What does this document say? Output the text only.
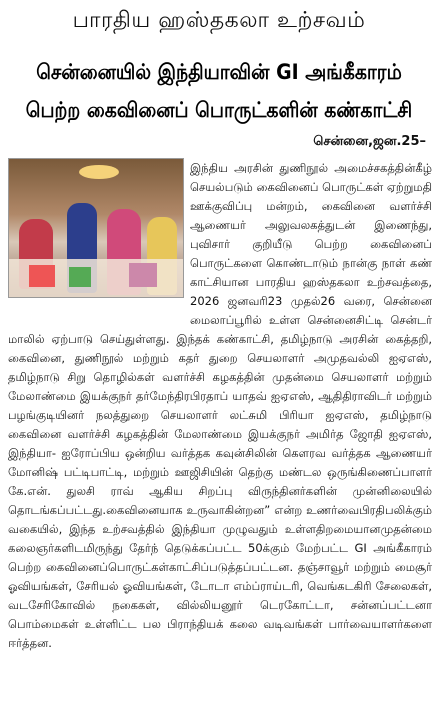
பாரதிய ஹஸ்தகலா உற்சவம்
சென்னையில் இந்தியாவின் GI அங்கீகாரம்
பெற்ற கைவினைப் பொருட்களின் கண்காட்சி
சென்னை,ஜன.25–

இந்திய அரசின் துணிநூல் அமைச்சகத்தின்கீழ் செயல்படும் கைவினைப் பொருட்கள் ஏற்றுமதி ஊக்குவிப்பு மன்றம், கைவினை வளர்ச்சி ஆணையர் அலுவலகத்துடன் இணைந்து, புவிசார் குறியீடு பெற்ற கைவினைப் பொருட்களை கொண்டாடும் நான்கு நாள் கண் காட்சியான பாரதிய ஹஸ்தகலா உற்சவத்தை, 2026 ஜனவரி23 முதல்26 வரை, சென்னை மைலாப்பூரில் உள்ள சென்னைசிட்டி சென்டர் மாலில் ஏற்பாடு செய்துள்ளது. இந்தக் கண்காட்சி, தமிழ்நாடு அரசின் கைத்தறி, கைவினை, துணிநூல் மற்றும் கதர் துறை செயலாளர் அமுதவல்லி ஐஏஎஸ், தமிழ்நாடு சிறு தொழில்கள் வளர்ச்சி கழகத்தின் முதன்மை செயலாளர் மற்றும் மேலாண்மை இயக்குநர் தர்மேந்திரபிரதாப் யாதவ் ஐஏஎஸ், ஆதிதிராவிடர் மற்றும் பழங்குடியினர் நலத்துறை செயலாளர் லட்சுமி பிரியா ஐஏஎஸ், தமிழ்நாடு கைவினை வளர்ச்சி கழகத்தின் மேலாண்மை இயக்குநர் அமிர்த ஜோதி ஐஏஎஸ், இந்தியா- ஐரோப்பிய ஒன்றிய வர்த்தக கவுன்சிலின் கௌரவ வர்த்தக ஆணையர் மோனிஷ் பட்டிபாட்டி, மற்றும் ஊஜிசியின் தெற்கு மண்டல ஒருங்கிணைப்பாளர் கே.என். துலசி ராவ் ஆகிய சிறப்பு விருந்தினர்களின் முன்னிலையில் தொடங்கப்பட்டது.கைவினையாக உருவாகின்றன” என்ற உணர்வைபிரதிபலிக்கும் வகையில், இந்த உற்சவத்தில் இந்தியா முழுவதும் உள்ளதிறமையானமுதன்மை கலைஞர்களிடமிருந்து தேர்ந் தெடுக்கப்பட்ட 50க்கும் மேற்பட்ட GI அங்கீகாரம் பெற்ற கைவினைப்பொருட்கள்காட்சிப்படுத்தப்பட்டன. தஞ்சாவூர் மற்றும் மைசூர் ஓவியங்கள், சேரியல் ஓவியங்கள், டோடா எம்ப்ராய்டரி, வெங்கடகிரி சேலைகள், வடசேரிகோவில் நகைகள், வில்லியனூர் டெரகோட்டா, சன்னப்பட்டனா பொம்மைகள் உள்ளிட்ட பல பிராந்தியக் கலை வடிவங்கள் பார்வையாளர்களை ஈர்த்தன.
